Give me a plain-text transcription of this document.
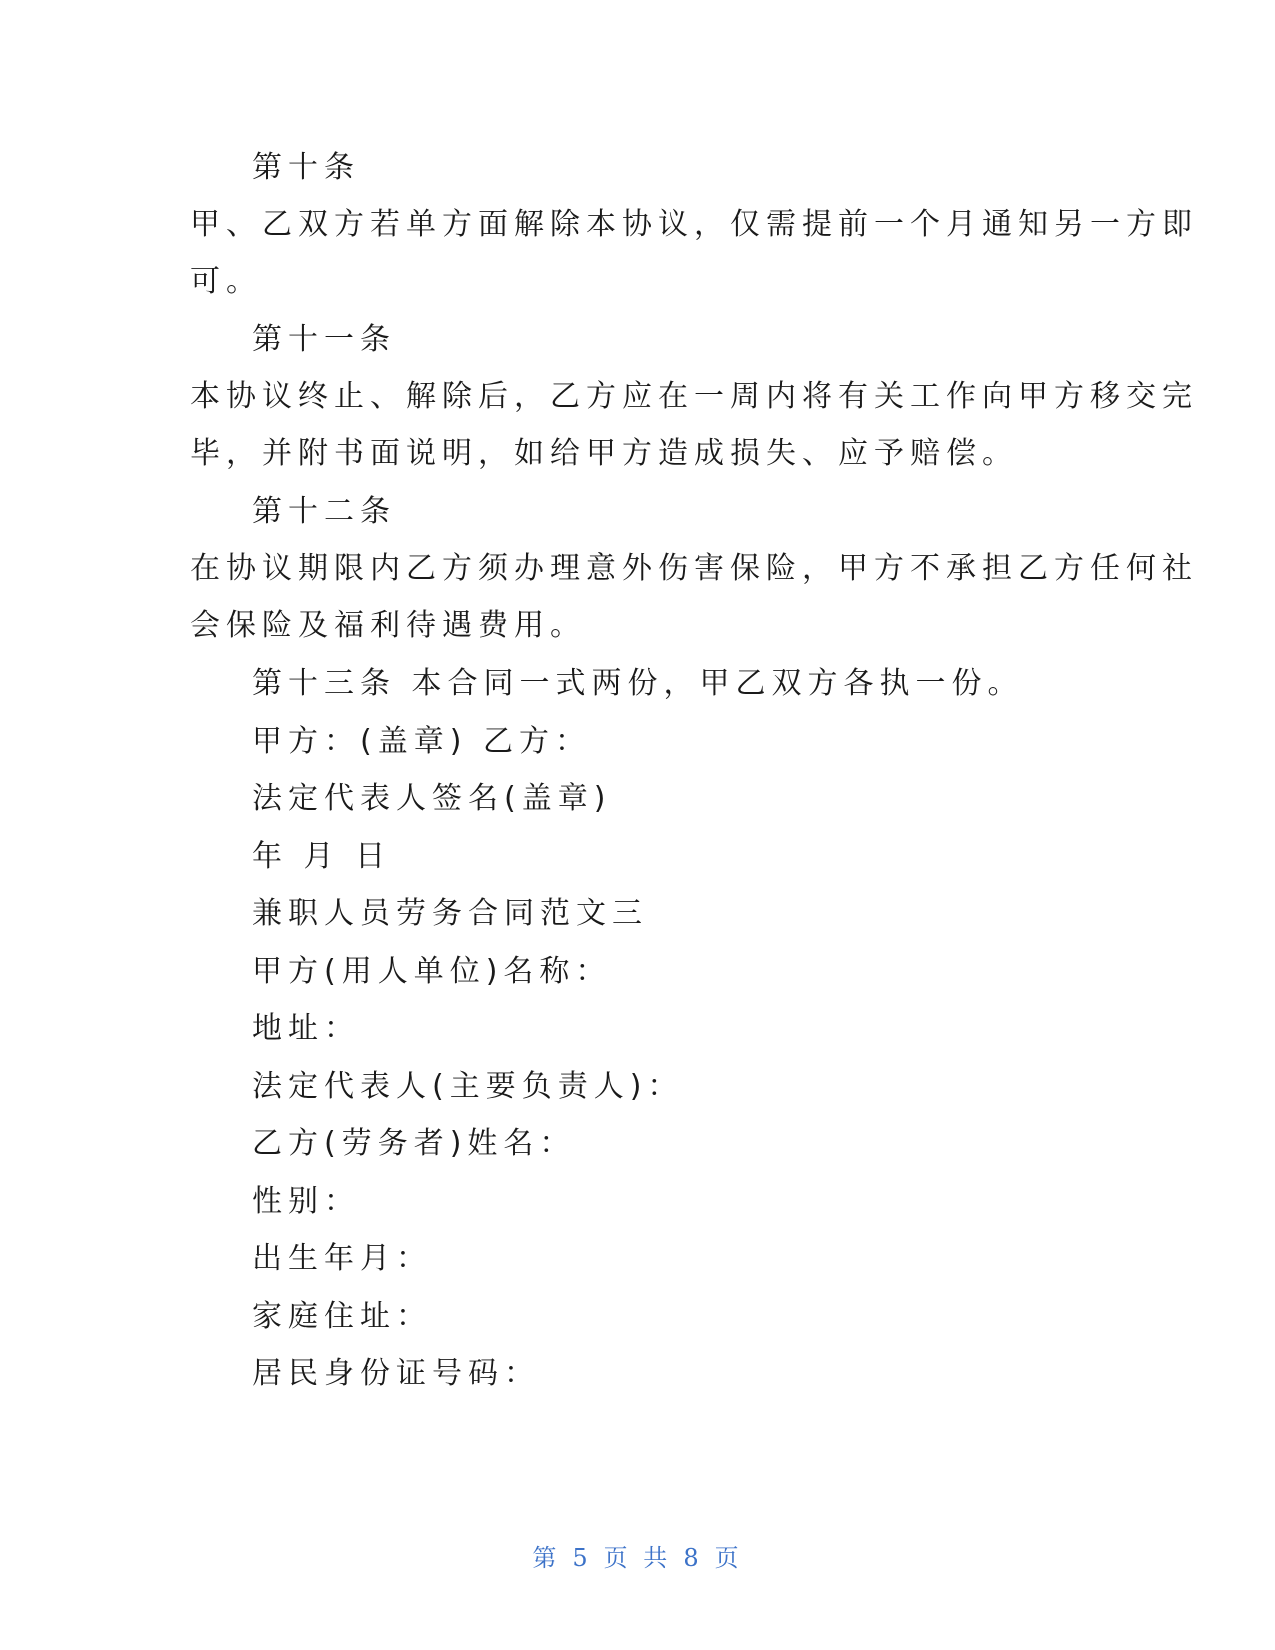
第十条
甲、乙双方若单方面解除本协议，仅需提前一个月通知另一方即
可。
第十一条
本协议终止、解除后，乙方应在一周内将有关工作向甲方移交完
毕，并附书面说明，如给甲方造成损失、应予赔偿。
第十二条
在协议期限内乙方须办理意外伤害保险，甲方不承担乙方任何社
会保险及福利待遇费用。
第十三条 本合同一式两份，甲乙双方各执一份。
甲方：(盖章) 乙方：
法定代表人签名(盖章)
年 月 日
兼职人员劳务合同范文三
甲方(用人单位)名称：
地址：
法定代表人(主要负责人)：
乙方(劳务者)姓名：
性别：
出生年月：
家庭住址：
居民身份证号码：
第 5 页 共 8 页
